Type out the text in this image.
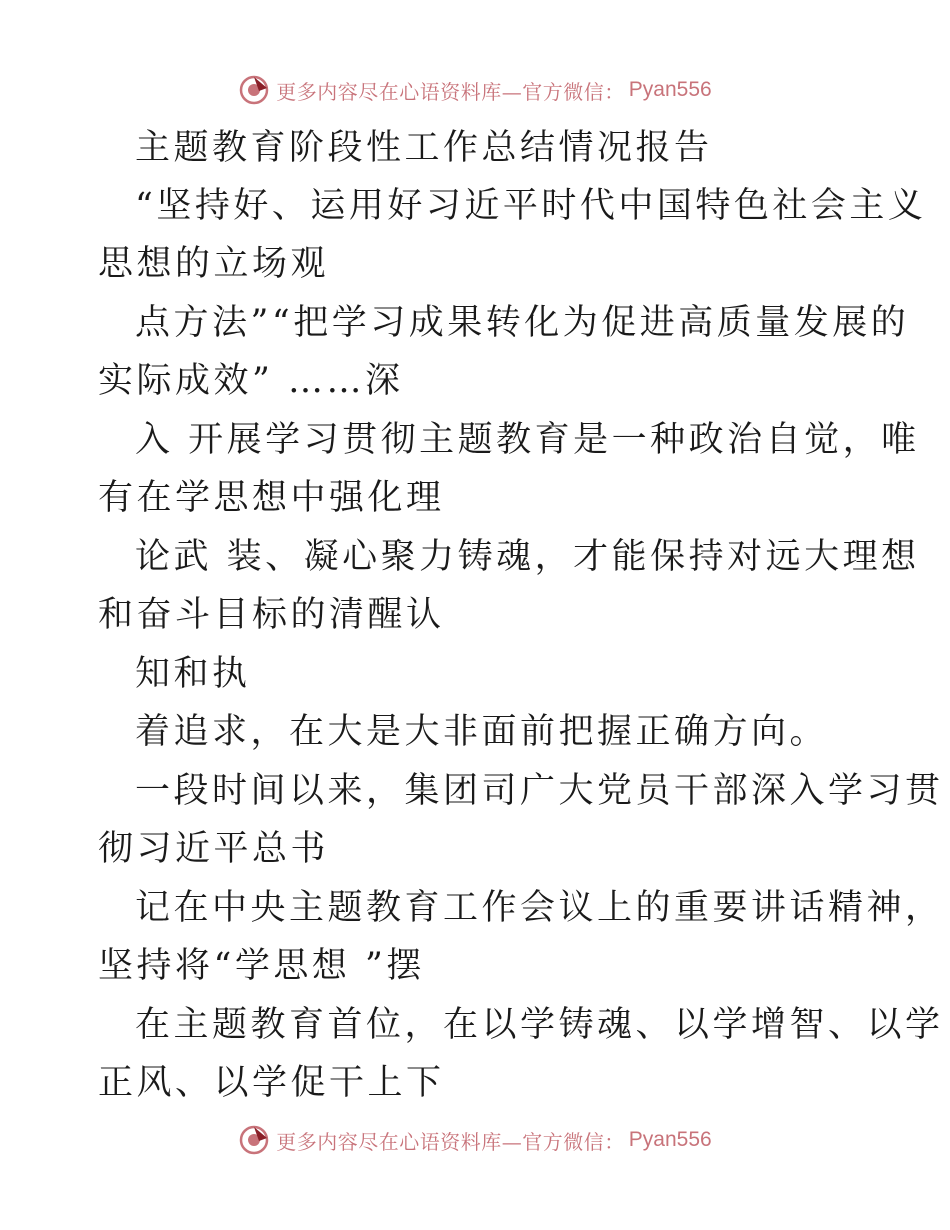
更多内容尽在心语资料库—官方微信： Pyan556
主题教育阶段性工作总结情况报告
“坚持好、运用好习近平时代中国特色社会主义
思想的立场观
点方法”“把学习成果转化为促进高质量发展的
实际成效” ……深
入 开展学习贯彻主题教育是一种政治自觉，唯
有在学思想中强化理
论武 装、凝心聚力铸魂，才能保持对远大理想
和奋斗目标的清醒认
知和执
着追求，在大是大非面前把握正确方向。
一段时间以来，集团司广大党员干部深入学习贯
彻习近平总书
记在中央主题教育工作会议上的重要讲话精神，
坚持将“学思想 ”摆
在主题教育首位，在以学铸魂、以学增智、以学
正风、以学促干上下
更多内容尽在心语资料库—官方微信： Pyan556
